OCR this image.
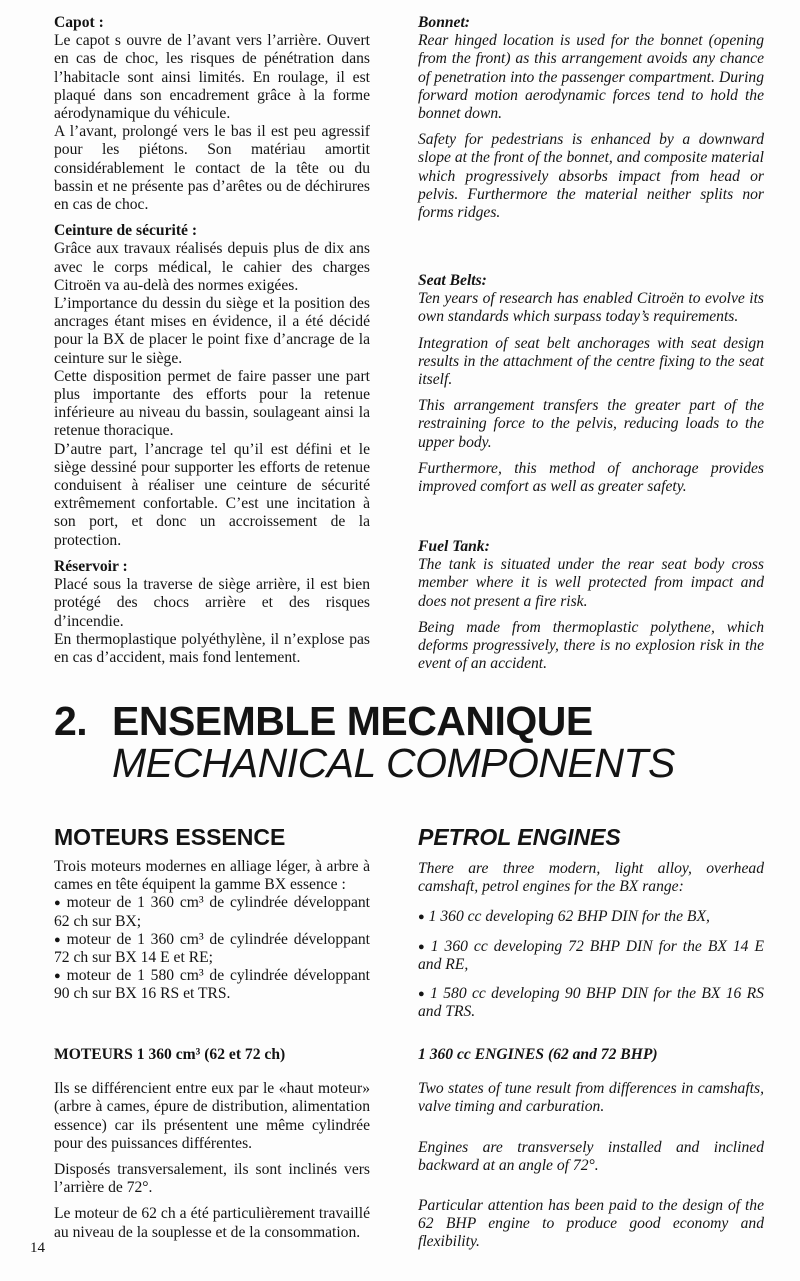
Capot :

Le capot s ouvre de l’avant vers l’arrière. Ouvert en cas de choc, les risques de pénétration dans l’habitacle sont ainsi limités. En roulage, il est plaqué dans son encadrement grâce à la forme aérodynamique du véhicule.

A l’avant, prolongé vers le bas il est peu agressif pour les piétons. Son matériau amortit considérablement le contact de la tête ou du bassin et ne présente pas d’arêtes ou de déchirures en cas de choc.

Ceinture de sécurité :

Grâce aux travaux réalisés depuis plus de dix ans avec le corps médical, le cahier des charges Citroën va au-delà des normes exigées.

L’importance du dessin du siège et la position des ancrages étant mises en évidence, il a été décidé pour la BX de placer le point fixe d’ancrage de la ceinture sur le siège.

Cette disposition permet de faire passer une part plus importante des efforts pour la retenue inférieure au niveau du bassin, soulageant ainsi la retenue thoracique.

D’autre part, l’ancrage tel qu’il est défini et le siège dessiné pour supporter les efforts de retenue conduisent à réaliser une ceinture de sécurité extrêmement confortable. C’est une incitation à son port, et donc un accroissement de la protection.

Réservoir :

Placé sous la traverse de siège arrière, il est bien protégé des chocs arrière et des risques d’incendie.

En thermoplastique polyéthylène, il n’explose pas en cas d’accident, mais fond lentement.

Bonnet:

Rear hinged location is used for the bonnet (opening from the front) as this arrangement avoids any chance of penetration into the passenger compartment. During forward motion aerodynamic forces tend to hold the bonnet down.

Safety for pedestrians is enhanced by a downward slope at the front of the bonnet, and composite material which progressively absorbs impact from head or pelvis. Furthermore the material neither splits nor forms ridges.

Seat Belts:

Ten years of research has enabled Citroën to evolve its own standards which surpass today’s requirements.

Integration of seat belt anchorages with seat design results in the attachment of the centre fixing to the seat itself.

This arrangement transfers the greater part of the restraining force to the pelvis, reducing loads to the upper body.

Furthermore, this method of anchorage provides improved comfort as well as greater safety.

Fuel Tank:

The tank is situated under the rear seat body cross member where it is well protected from impact and does not present a fire risk.

Being made from thermoplastic polythene, which deforms progressively, there is no explosion risk in the event of an accident.

2. ENSEMBLE MECANIQUE
MECHANICAL COMPONENTS
MOTEURS ESSENCE

Trois moteurs modernes en alliage léger, à arbre à cames en tête équipent la gamme BX essence :

● moteur de 1 360 cm³ de cylindrée développant 62 ch sur BX;

● moteur de 1 360 cm³ de cylindrée développant 72 ch sur BX 14 E et RE;

● moteur de 1 580 cm³ de cylindrée développant 90 ch sur BX 16 RS et TRS.

MOTEURS 1 360 cm³ (62 et 72 ch)

Ils se différencient entre eux par le «haut moteur» (arbre à cames, épure de distribution, alimentation essence) car ils présentent une même cylindrée pour des puissances différentes.

Disposés transversalement, ils sont inclinés vers l’arrière de 72°.

Le moteur de 62 ch a été particulièrement travaillé au niveau de la souplesse et de la consommation.

PETROL ENGINES

There are three modern, light alloy, overhead camshaft, petrol engines for the BX range:

● 1 360 cc developing 62 BHP DIN for the BX,

● 1 360 cc developing 72 BHP DIN for the BX 14 E and RE,

● 1 580 cc developing 90 BHP DIN for the BX 16 RS and TRS.

1 360 cc ENGINES (62 and 72 BHP)

Two states of tune result from differences in camshafts, valve timing and carburation.

Engines are transversely installed and inclined backward at an angle of 72°.

Particular attention has been paid to the design of the 62 BHP engine to produce good economy and flexibility.

14
